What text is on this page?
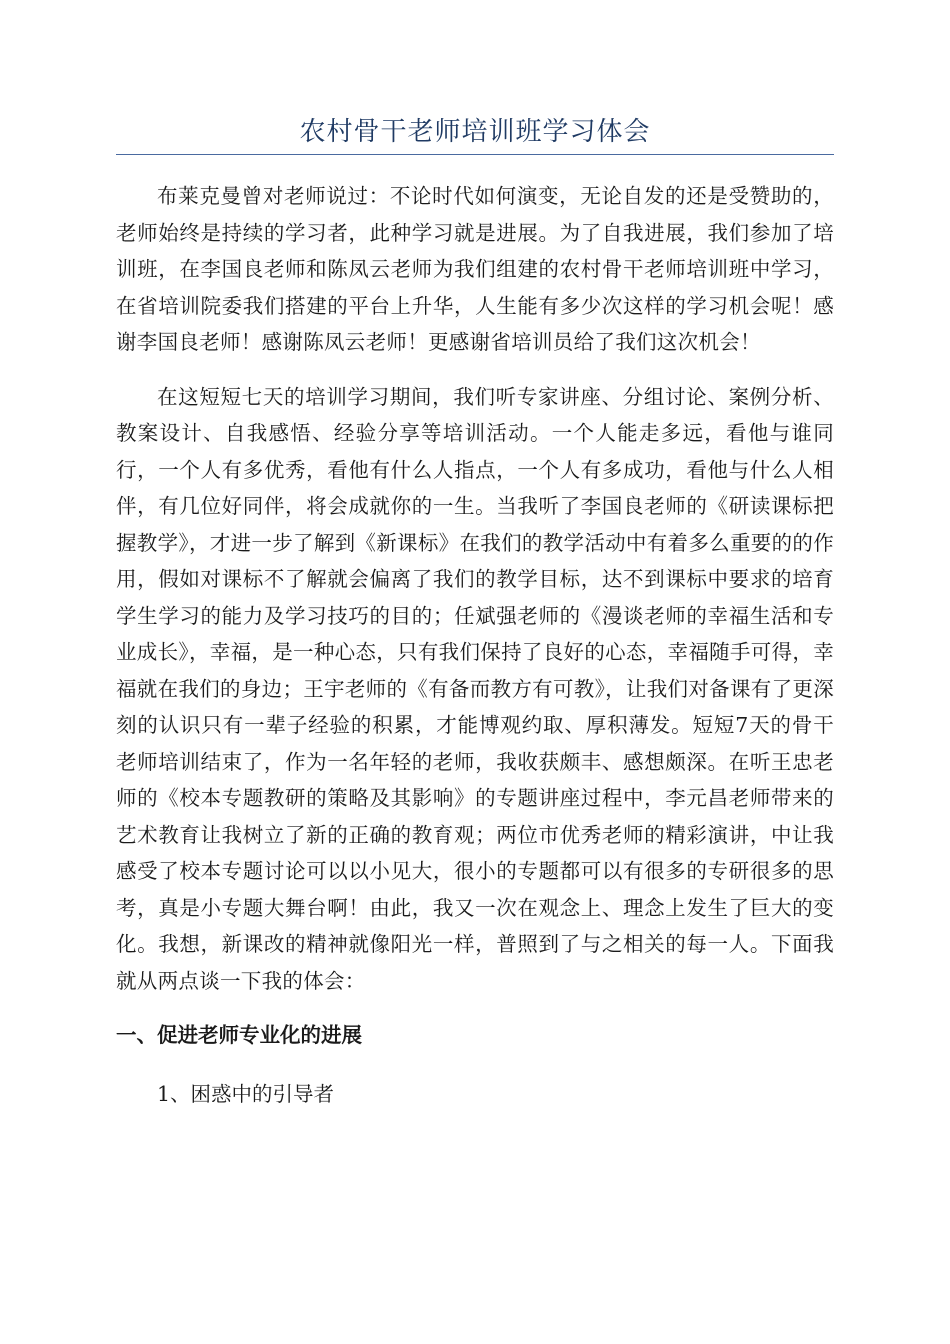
农村骨干老师培训班学习体会

布莱克曼曾对老师说过：不论时代如何演变，无论自发的还是受赞助的，老师始终是持续的学习者，此种学习就是进展。为了自我进展，我们参加了培训班，在李国良老师和陈凤云老师为我们组建的农村骨干老师培训班中学习，在省培训院委我们搭建的平台上升华，人生能有多少次这样的学习机会呢！感谢李国良老师！感谢陈凤云老师！更感谢省培训员给了我们这次机会！

在这短短七天的培训学习期间，我们听专家讲座、分组讨论、案例分析、教案设计、自我感悟、经验分享等培训活动。一个人能走多远，看他与谁同行，一个人有多优秀，看他有什么人指点，一个人有多成功，看他与什么人相伴，有几位好同伴，将会成就你的一生。当我听了李国良老师的《研读课标把握教学》，才进一步了解到《新课标》在我们的教学活动中有着多么重要的的作用，假如对课标不了解就会偏离了我们的教学目标，达不到课标中要求的培育学生学习的能力及学习技巧的目的；任斌强老师的《漫谈老师的幸福生活和专业成长》，幸福，是一种心态，只有我们保持了良好的心态，幸福随手可得，幸福就在我们的身边；王宇老师的《有备而教方有可教》，让我们对备课有了更深刻的认识只有一辈子经验的积累，才能博观约取、厚积薄发。短短7天的骨干老师培训结束了，作为一名年轻的老师，我收获颇丰、感想颇深。在听王忠老师的《校本专题教研的策略及其影响》的专题讲座过程中，李元昌老师带来的艺术教育让我树立了新的正确的教育观；两位市优秀老师的精彩演讲，中让我感受了校本专题讨论可以以小见大，很小的专题都可以有很多的专研很多的思考，真是小专题大舞台啊！由此，我又一次在观念上、理念上发生了巨大的变化。我想，新课改的精神就像阳光一样，普照到了与之相关的每一人。下面我就从两点谈一下我的体会：

一、促进老师专业化的进展
1、困惑中的引导者
